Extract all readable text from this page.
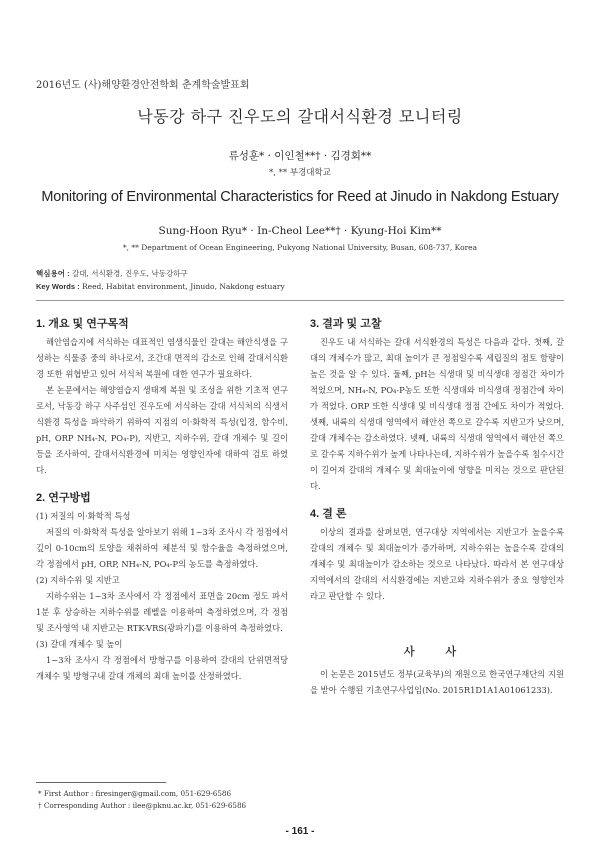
2016년도 (사)해양환경안전학회 춘계학술발표회
낙동강 하구 진우도의 갈대서식환경 모니터링
류성훈* · 이인철**† · 김경회**
*, ** 부경대학교
Monitoring of Environmental Characteristics for Reed at Jinudo in Nakdong Estuary
Sung-Hoon Ryu* · In-Cheol Lee**† · Kyung-Hoi Kim**
*, ** Department of Ocean Engineering, Pukyong National University, Busan, 608-737, Korea
핵심용어 : 갈대, 서식환경, 진우도, 낙동강하구
Key Words : Reed, Habitat environment, Jinudo, Nakdong estuary
1. 개요 및 연구목적

해안염습지에 서식하는 대표적인 염생식물인 갈대는 해안식생을 구성하는 식물종 중의 하나로서, 조간대 면적의 감소로 인해 갈대서식환경 또한 위협받고 있어 서식처 복원에 대한 연구가 필요하다.

본 논문에서는 해양염습지 생태계 복원 및 조성을 위한 기초적 연구로서, 낙동강 하구 사주섬인 진우도에 서식하는 갈대 서식처의 식생서식환경 특성을 파악하기 위하여 지점의 이·화학적 특성(입경, 함수비, pH, ORP NH₄-N, PO₄-P), 지반고, 지하수위, 갈대 개체수 및 길이 등을 조사하여, 갈대서식환경에 미치는 영향인자에 대하여 검토 하였다.

2. 연구방법

(1) 저질의 이·화학적 특성

저질의 이·화학적 특성을 알아보기 위해 1~3차 조사시 각 정점에서 깊이 0-10cm의 토양을 채취하여 체분석 및 함수율을 측정하였으며, 각 정점에서 pH, ORP, NH₄-N, PO₄-P의 농도를 측정하였다.

(2) 지하수위 및 지반고

지하수위는 1~3차 조사에서 각 정점에서 표면을 20cm 정도 파서 1분 후 상승하는 지하수위를 레벨을 이용하여 측정하였으며, 각 정점 및 조사영역 내 지반고는 RTK-VRS(광파기)를 이용하여 측정하였다.

(3) 갈대 개체수 및 높이

1~3차 조사시 각 정점에서 방형구를 이용하여 갈대의 단위면적당 개체수 및 방형구내 갈대 개체의 최대 높이를 산정하였다.

3. 결과 및 고찰

진우도 내 서식하는 갈대 서식환경의 특성은 다음과 같다. 첫째, 갈대의 개체수가 많고, 최대 높이가 큰 정점일수록 세립질의 점토 함량이 높은 것을 알 수 있다. 둘째, pH는 식생대 및 비식생대 정점간 차이가 적었으며, NH₄-N, PO₄-P농도 또한 식생대와 비식생대 정점간에 차이가 적었다. ORP 또한 식생대 및 비식생대 정점 간에도 차이가 적었다. 셋째, 내륙의 식생대 영역에서 해안선 쪽으로 갈수록 지반고가 낮으며, 갈대 개체수는 감소하였다. 넷째, 내륙의 식생대 영역에서 해안선 쪽으로 갈수록 지하수위가 높게 나타나는데, 지하수위가 높을수록 침수시간이 길어져 갈대의 개체수 및 최대높이에 영향을 미치는 것으로 판단된다.

4. 결 론

이상의 결과를 살펴보면, 연구대상 지역에서는 지반고가 높을수록 갈대의 개체수 및 최대높이가 증가하며, 지하수위는 높을수록 갈대의 개체수 및 최대높이가 감소하는 것으로 나타났다. 따라서 본 연구대상 지역에서의 갈대의 서식환경에는 지반고와 지하수위가 중요 영향인자라고 판단할 수 있다.

사 사

이 논문은 2015년도 정부(교육부)의 재원으로 한국연구재단의 지원을 받아 수행된 기초연구사업임(No. 2015R1D1A1A01061233).

* First Author : firesinger@gmail.com, 051-629-6586
† Corresponding Author : ilee@pknu.ac.kr, 051-629-6586
- 161 -
